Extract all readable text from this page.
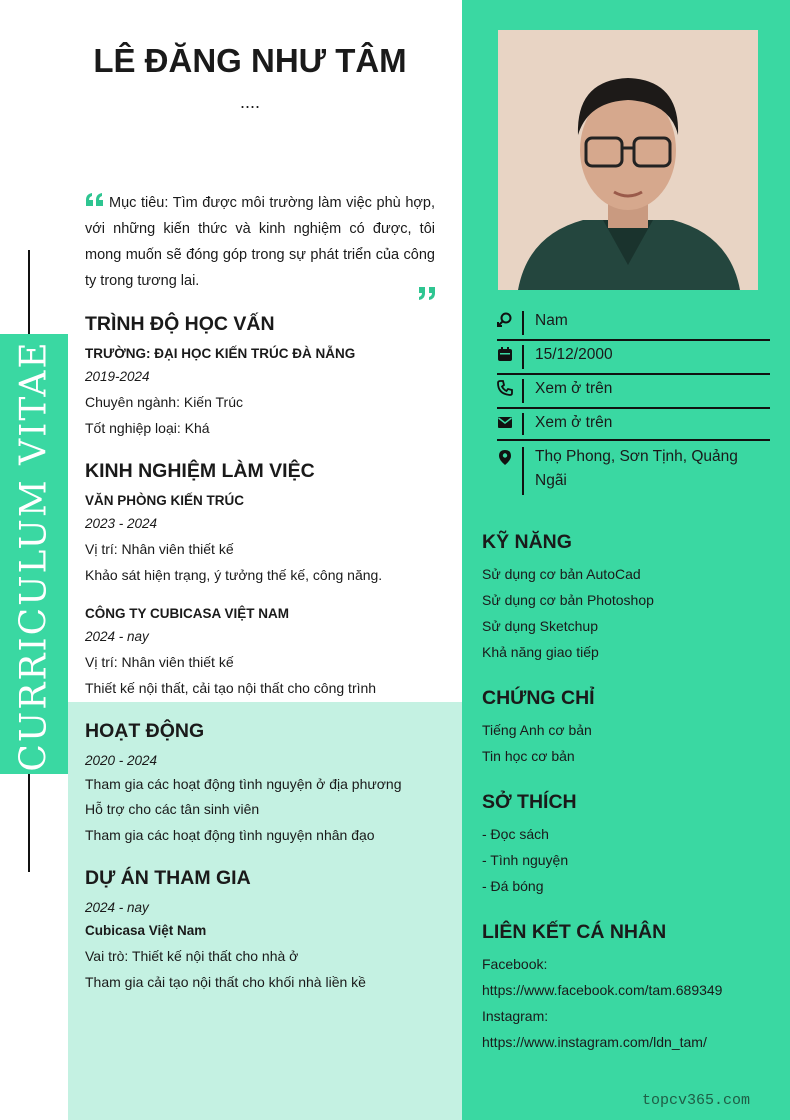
CURRICULUM VITAE
LÊ ĐĂNG NHƯ TÂM
....
Mục tiêu: Tìm được môi trường làm việc phù hợp, với những kiến thức và kinh nghiệm có được, tôi mong muốn sẽ đóng góp trong sự phát triển của công ty trong tương lai.
TRÌNH ĐỘ HỌC VẤN
TRƯỜNG: ĐẠI HỌC KIẾN TRÚC ĐÀ NẴNG
2019-2024
Chuyên ngành: Kiến Trúc
Tốt nghiệp loại: Khá
KINH NGHIỆM LÀM VIỆC
VĂN PHÒNG KIẾN TRÚC
2023 - 2024
Vị trí: Nhân viên thiết kế
Khảo sát hiện trạng, ý tưởng thế kế, công năng.
CÔNG TY CUBICASA VIỆT NAM
2024 - nay
Vị trí: Nhân viên thiết kế
Thiết kế nội thất, cải tạo nội thất cho công trình
HOẠT ĐỘNG
2020 - 2024
Tham gia các hoạt động tình nguyện ở địa phương
Hỗ trợ cho các tân sinh viên
Tham gia các hoạt động tình nguyện nhân đạo
DỰ ÁN THAM GIA
2024 - nay
Cubicasa Việt Nam
Vai trò: Thiết kế nội thất cho nhà ở
Tham gia cải tạo nội thất cho khối nhà liền kề
Nam
15/12/2000
Xem ở trên
Xem ở trên
Thọ Phong, Sơn Tịnh, Quảng Ngãi
KỸ NĂNG
Sử dụng cơ bản AutoCad
Sử dụng cơ bản Photoshop
Sử dụng Sketchup
Khả năng giao tiếp
CHỨNG CHỈ
Tiếng Anh cơ bản
Tin học cơ bản
SỞ THÍCH
- Đọc sách
- Tình nguyện
- Đá bóng
LIÊN KẾT CÁ NHÂN
Facebook:
https://www.facebook.com/tam.689349
Instagram:
https://www.instagram.com/ldn_tam/
topcv365.com
